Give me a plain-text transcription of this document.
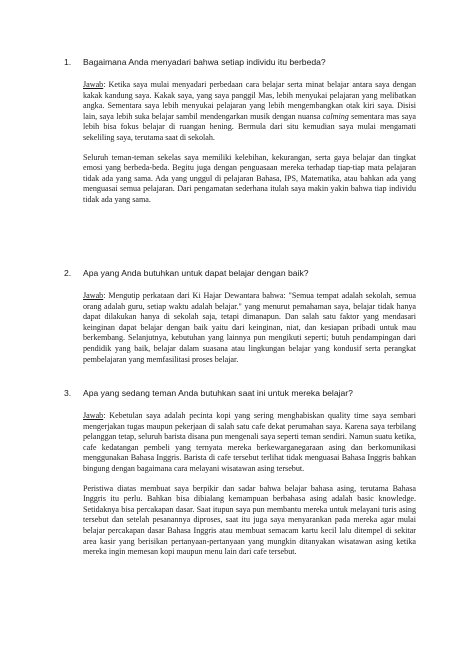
1.	Bagaimana Anda menyadari bahwa setiap individu itu berbeda?
Jawab: Ketika saya mulai menyadari perbedaan cara belajar serta minat belajar antara saya dengan kakak kandung saya. Kakak saya, yang saya panggil Mas, lebih menyukai pelajaran yang melibatkan angka. Sementara saya lebih menyukai pelajaran yang lebih mengembangkan otak kiri saya. Disisi lain, saya lebih suka belajar sambil mendengarkan musik dengan nuansa calming sementara mas saya lebih bisa fokus belajar di ruangan hening. Bermula dari situ kemudian saya mulai mengamati sekeliling saya, terutama saat di sekolah.
Seluruh teman-teman sekelas saya memiliki kelebihan, kekurangan, serta gaya belajar dan tingkat emosi yang berbeda-beda. Begitu juga dengan penguasaan mereka terhadap tiap-tiap mata pelajaran tidak ada yang sama. Ada yang unggul di pelajaran Bahasa, IPS, Matematika, atau bahkan ada yang menguasai semua pelajaran. Dari pengamatan sederhana itulah saya makin yakin bahwa tiap individu tidak ada yang sama.
2.	Apa yang Anda butuhkan untuk dapat belajar dengan baik?
Jawab: Mengutip perkataan dari Ki Hajar Dewantara bahwa: "Semua tempat adalah sekolah, semua orang adalah guru, setiap waktu adalah belajar." yang menurut pemahaman saya, belajar tidak hanya dapat dilakukan hanya di sekolah saja, tetapi dimanapun. Dan salah satu faktor yang mendasari keinginan dapat belajar dengan baik yaitu dari keinginan, niat, dan kesiapan pribadi untuk mau berkembang. Selanjutnya, kebutuhan yang lainnya pun mengikuti seperti; butuh pendampingan dari pendidik yang baik, belajar dalam suasana atau lingkungan belajar yang kondusif serta perangkat pembelajaran yang memfasilitasi proses belajar.
3.	Apa yang sedang teman Anda butuhkan saat ini untuk mereka belajar?
Jawab: Kebetulan saya adalah pecinta kopi yang sering menghabiskan quality time saya sembari mengerjakan tugas maupun pekerjaan di salah satu cafe dekat perumahan saya. Karena saya terbilang pelanggan tetap, seluruh barista disana pun mengenali saya seperti teman sendiri. Namun suatu ketika, cafe kedatangan pembeli yang ternyata mereka berkewarganegaraan asing dan berkomunikasi menggunakan Bahasa Inggris. Barista di cafe tersebut terlihat tidak menguasai Bahasa Inggris bahkan bingung dengan bagaimana cara melayani wisatawan asing tersebut.
Peristiwa diatas membuat saya berpikir dan sadar bahwa belajar bahasa asing, terutama Bahasa Inggris itu perlu. Bahkan bisa dibialang kemampuan berbahasa asing adalah basic knowledge. Setidaknya bisa percakapan dasar. Saat itupun saya pun membantu mereka untuk melayani turis asing tersebut dan setelah pesanannya diproses, saat itu juga saya menyarankan pada mereka agar mulai belajar percakapan dasar Bahasa Inggris atau membuat semacam kartu kecil lalu ditempel di sekitar area kasir yang berisikan pertanyaan-pertanyaan yang mungkin ditanyakan wisatawan asing ketika mereka ingin memesan kopi maupun menu lain dari cafe tersebut.
